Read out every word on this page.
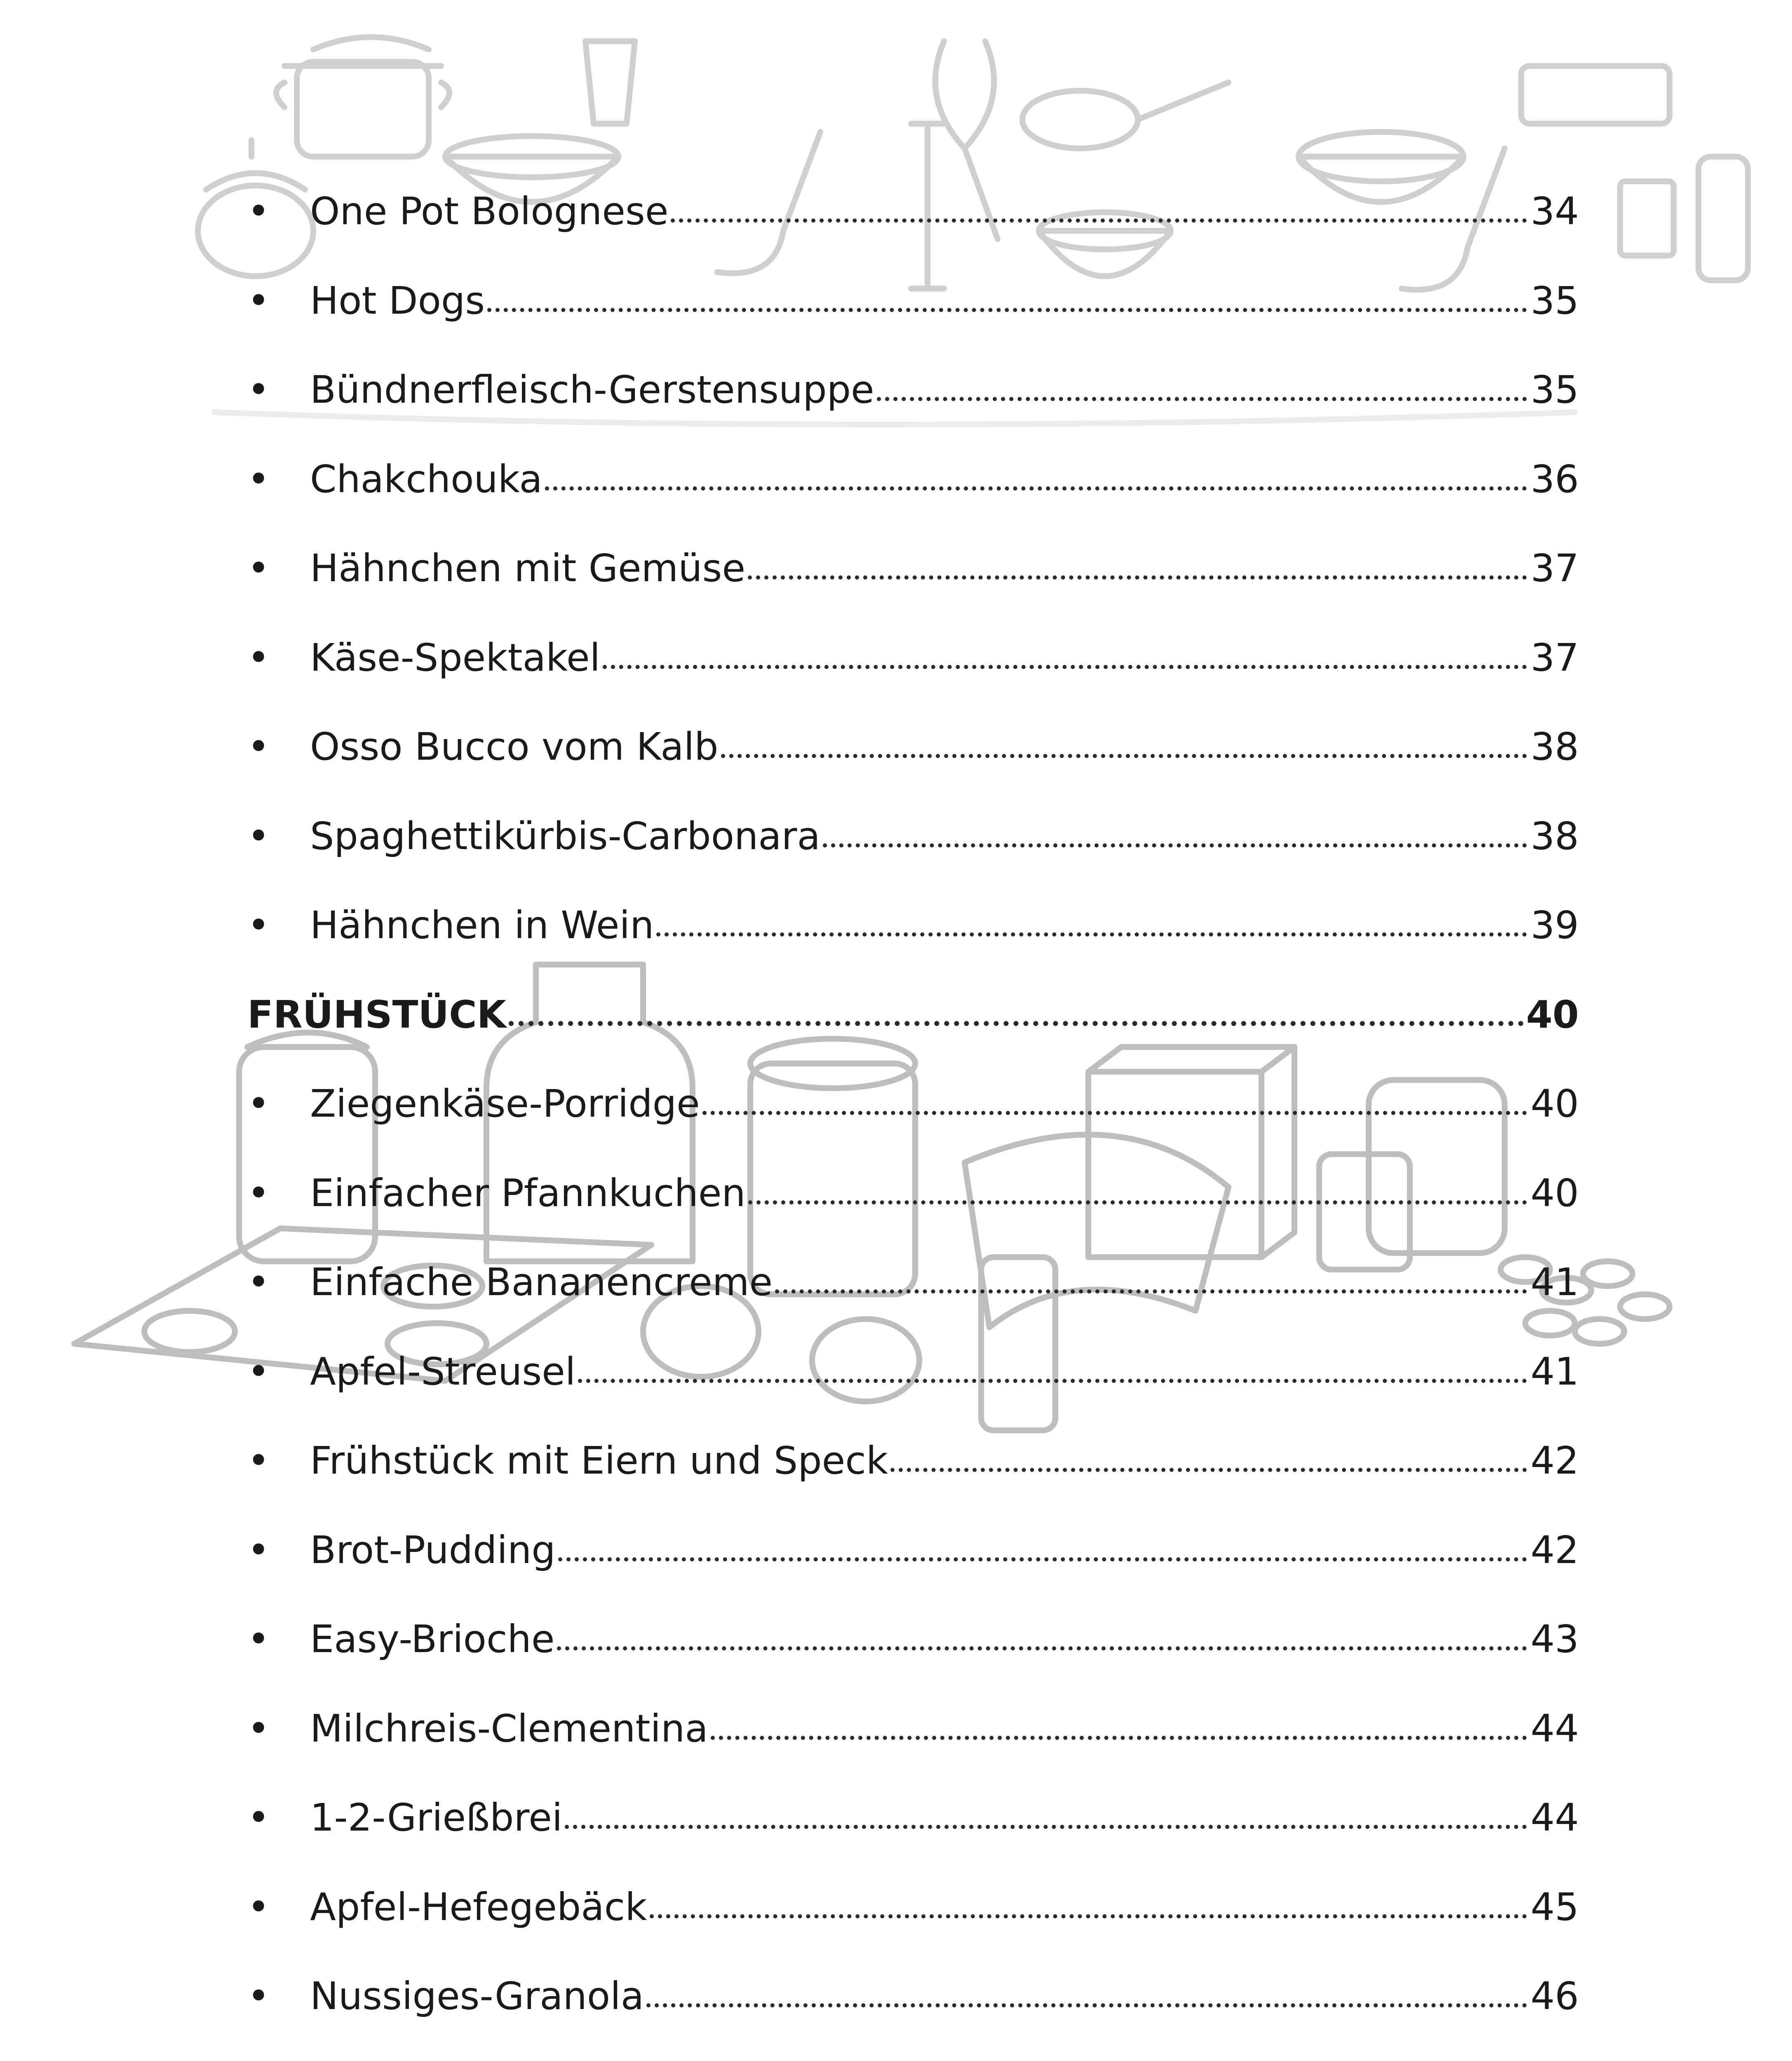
•	One Pot Bolognese	34
•	Hot Dogs	35
•	Bündnerfleisch-Gerstensuppe	35
•	Chakchouka	36
•	Hähnchen mit Gemüse	37
•	Käse-Spektakel	37
•	Osso Bucco vom Kalb	38
•	Spaghettikürbis-Carbonara	38
•	Hähnchen in Wein	39
FRÜHSTÜCK	40
•	Ziegenkäse-Porridge	40
•	Einfacher Pfannkuchen	40
•	Einfache Bananencreme	41
•	Apfel-Streusel	41
•	Frühstück mit Eiern und Speck	42
•	Brot-Pudding	42
•	Easy-Brioche	43
•	Milchreis-Clementina	44
•	1-2-Grießbrei	44
•	Apfel-Hefegebäck	45
•	Nussiges-Granola	46
